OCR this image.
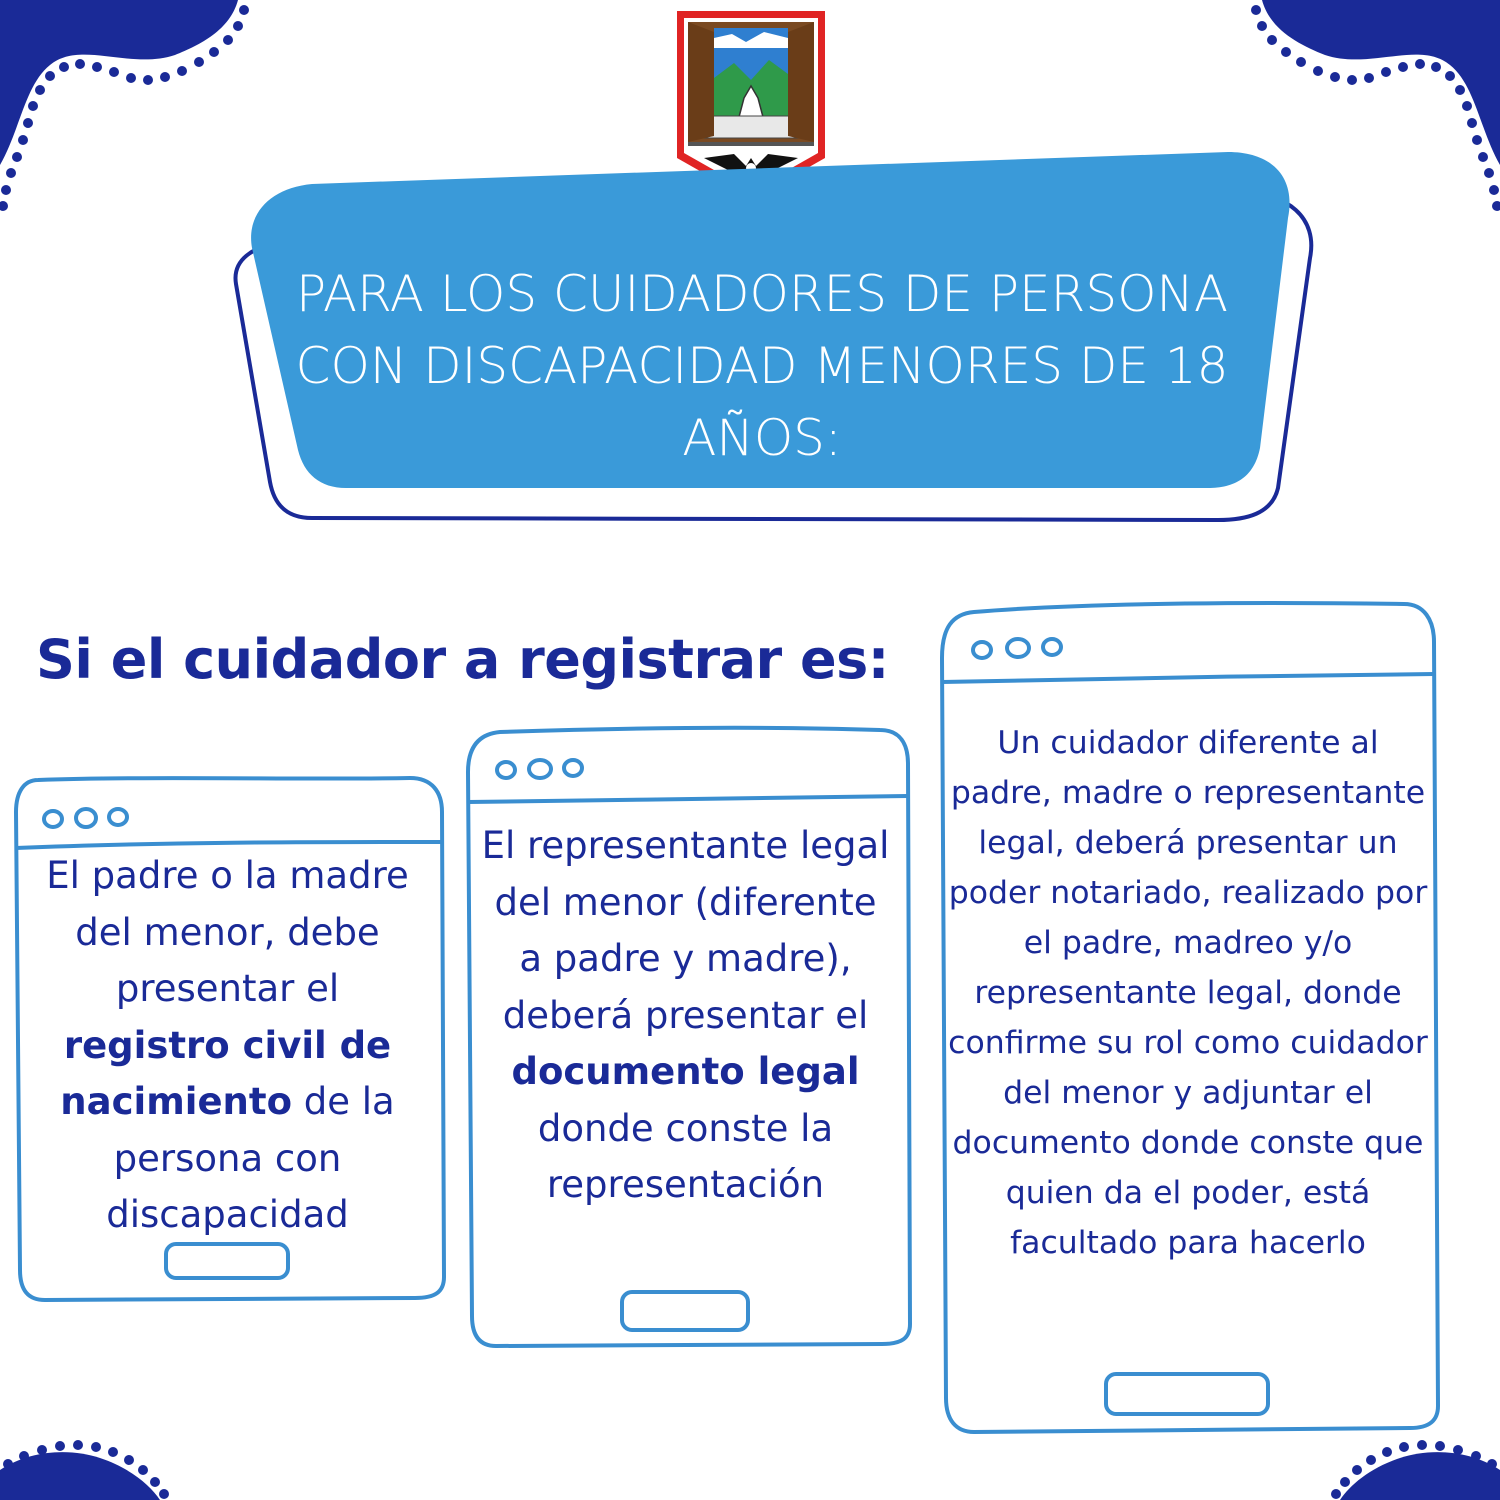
PARA LOS CUIDADORES DE PERSONA
CON DISCAPACIDAD MENORES DE 18
AÑOS:
Si el cuidador a registrar es:
El padre o la madre del menor, debe presentar el registro civil de nacimiento de la persona con discapacidad
El representante legal del menor (diferente a padre y madre), deberá presentar el documento legal donde conste la representación
Un cuidador diferente al padre, madre o representante legal, deberá presentar un poder notariado, realizado por el padre, madreo y/o representante legal, donde confirme su rol como cuidador del menor y adjuntar el documento donde conste que quien da el poder, está facultado para hacerlo
